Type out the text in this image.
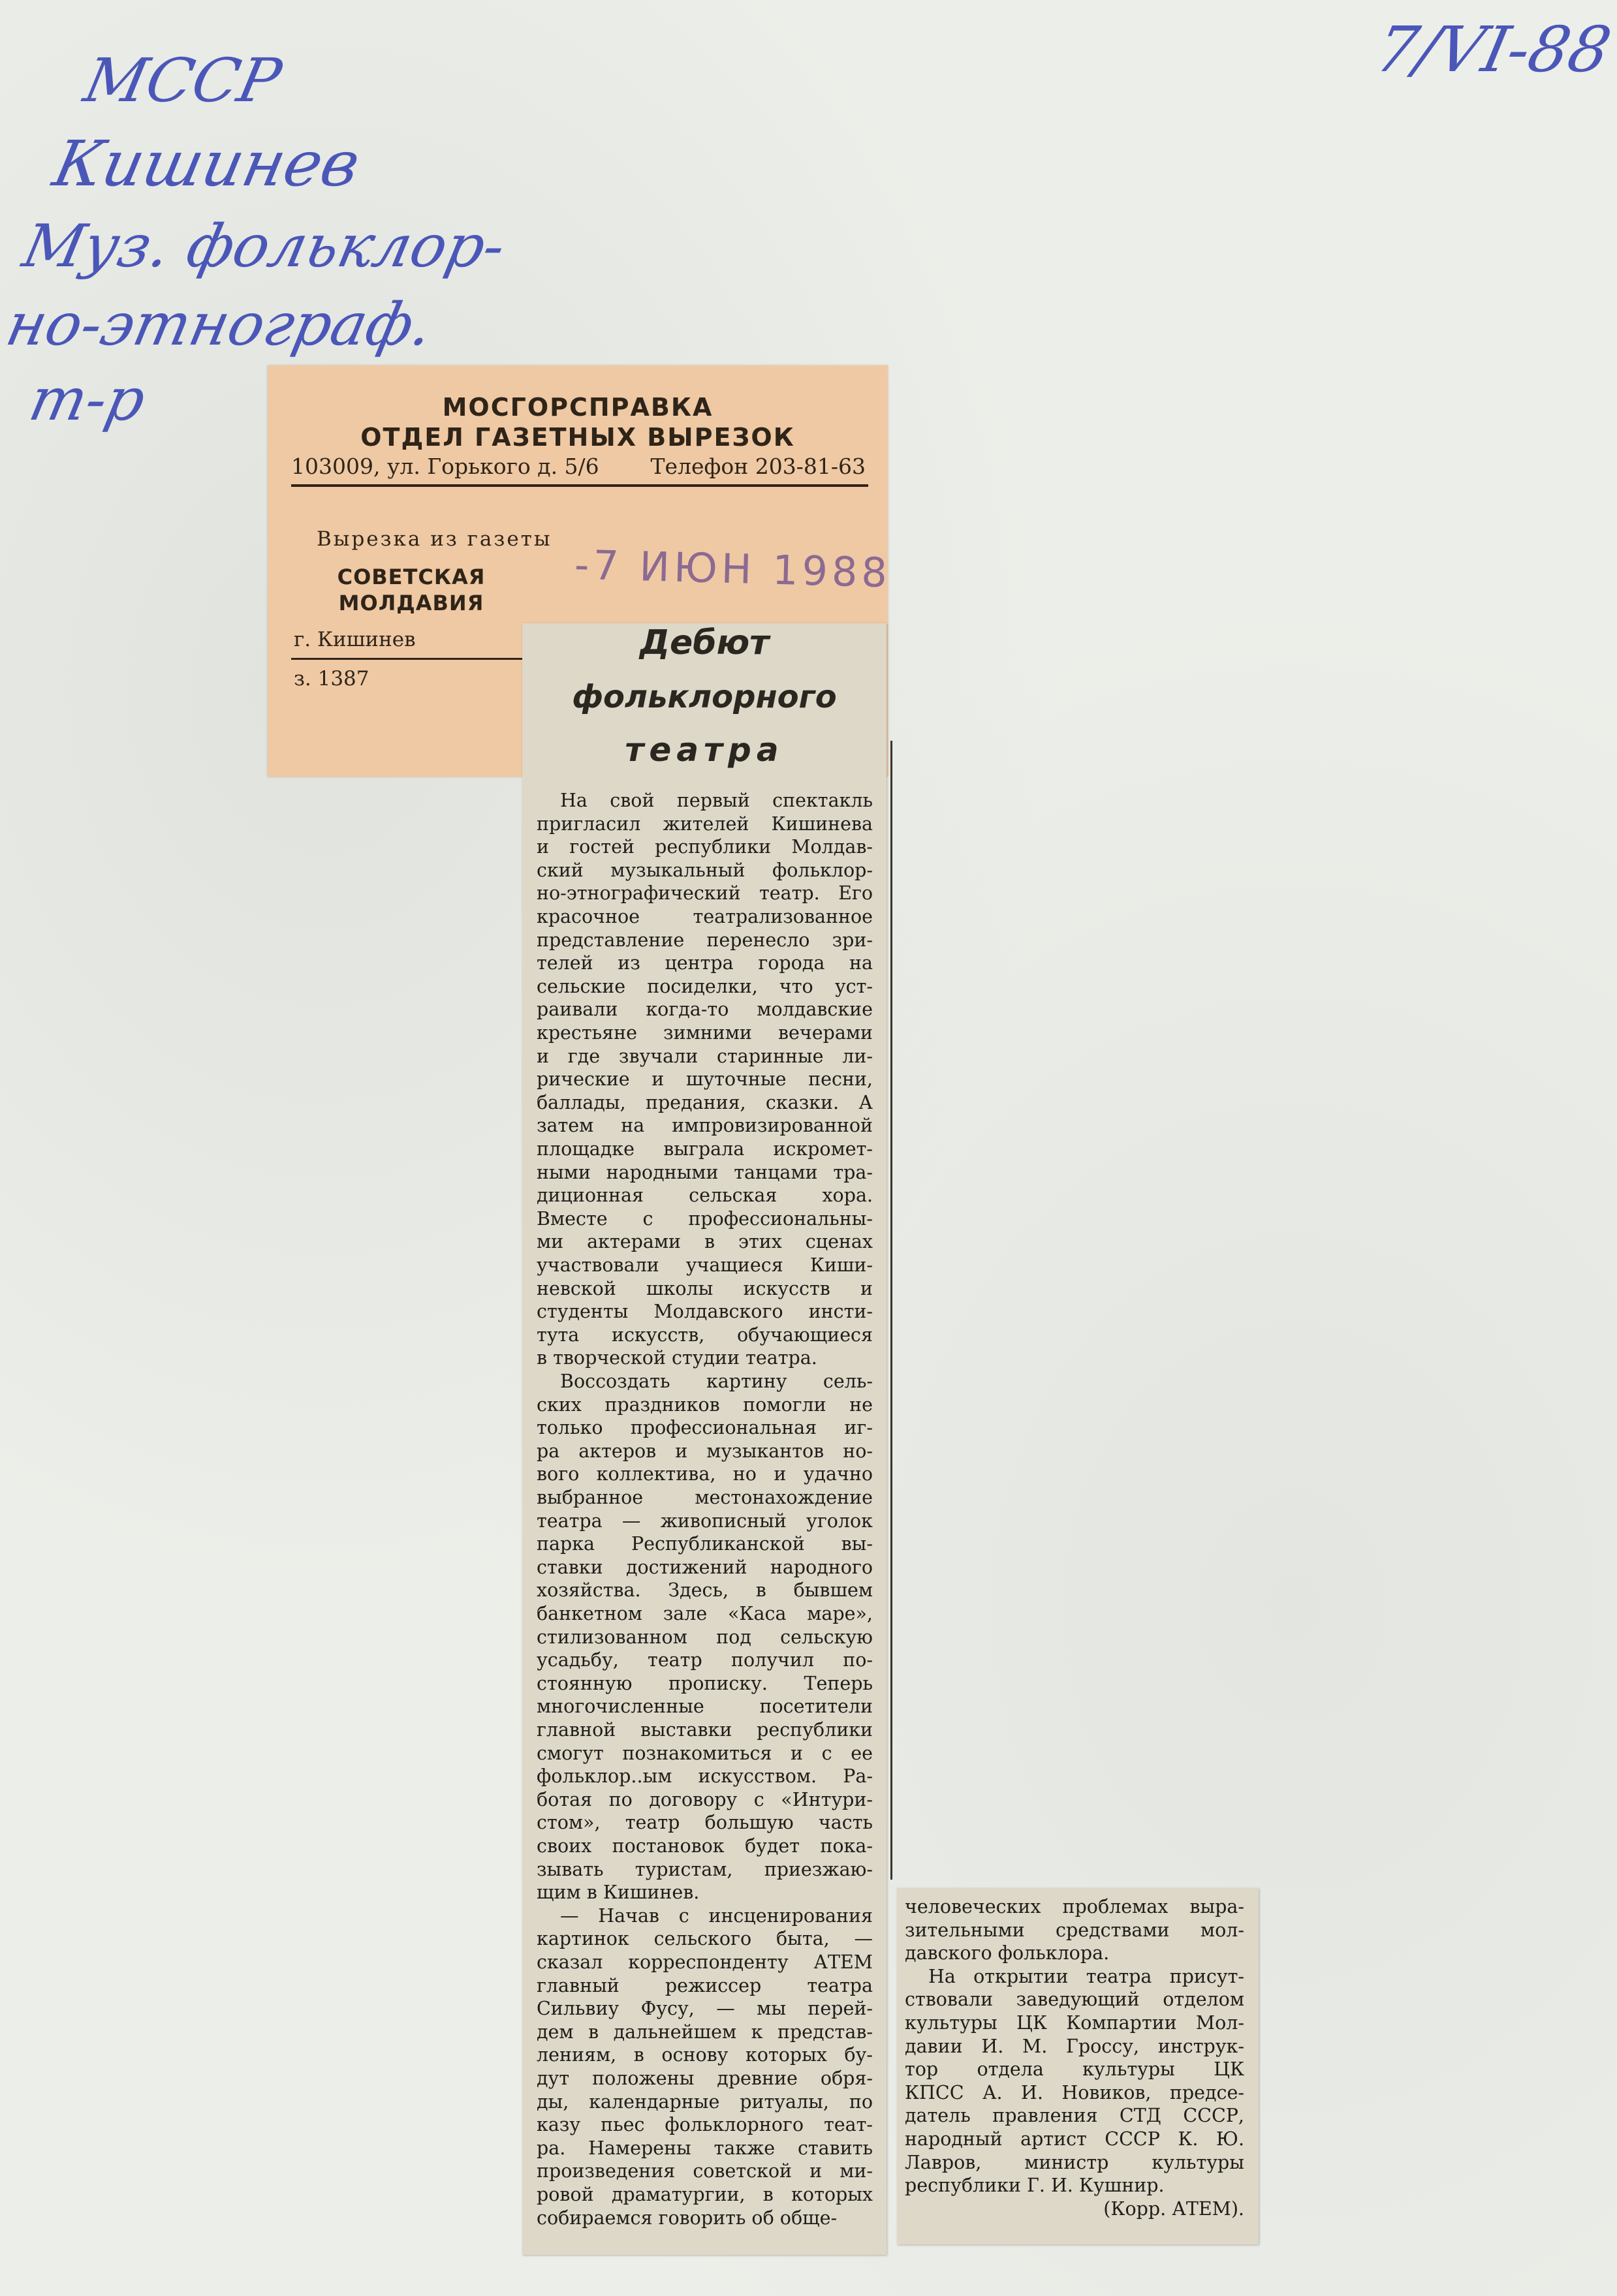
МССР
Кишинев
Муз. фольклор-
но-этнограф.
т-р
7/VI-88
МОСГОРСПРАВКА
ОТДЕЛ ГАЗЕТНЫХ ВЫРЕЗОК
103009, ул. Горького д. 5/6 Телефон 203-81-63
Вырезка из газеты
СОВЕТСКАЯ
МОЛДАВИЯ
г. Кишинев
з. 1387
-7 ИЮН 1988
Дебют
фольклорного
театра
На свой первый спектакль
пригласил жителей Кишинева
и гостей республики Молдав-
ский музыкальный фольклор-
но-этнографический театр. Его
красочное театрализованное
представление перенесло зри-
телей из центра города на
сельские посиделки, что уст-
раивали когда-то молдавские
крестьяне зимними вечерами
и где звучали старинные ли-
рические и шуточные песни,
баллады, предания, сказки. А
затем на импровизированной
площадке выграла искромет-
ными народными танцами тра-
диционная сельская хора.
Вместе с профессиональны-
ми актерами в этих сценах
участвовали учащиеся Киши-
невской школы искусств и
студенты Молдавского инсти-
тута искусств, обучающиеся
в творческой студии театра.
Воссоздать картину сель-
ских праздников помогли не
только профессиональная иг-
ра актеров и музыкантов но-
вого коллектива, но и удачно
выбранное местонахождение
театра — живописный уголок
парка Республиканской вы-
ставки достижений народного
хозяйства. Здесь, в бывшем
банкетном зале «Каса маре»,
стилизованном под сельскую
усадьбу, театр получил по-
стоянную прописку. Теперь
многочисленные посетители
главной выставки республики
смогут познакомиться и с ее
фольклор..ым искусством. Ра-
ботая по договору с «Интури-
стом», театр большую часть
своих постановок будет пока-
зывать туристам, приезжаю-
щим в Кишинев.
— Начав с инсценирования
картинок сельского быта, —
сказал корреспонденту АТЕМ
главный режиссер театра
Сильвиу Фусу, — мы перей-
дем в дальнейшем к представ-
лениям, в основу которых бу-
дут положены древние обря-
ды, календарные ритуалы, по
казу пьес фольклорного теат-
ра. Намерены также ставить
произведения советской и ми-
ровой драматургии, в которых
собираемся говорить об обще-
человеческих проблемах выра-
зительными средствами мол-
давского фольклора.
На открытии театра присут-
ствовали заведующий отделом
культуры ЦК Компартии Мол-
давии И. М. Гроссу, инструк-
тор отдела культуры ЦК
КПСС А. И. Новиков, предсе-
датель правления СТД СССР,
народный артист СССР К. Ю.
Лавров, министр культуры
республики Г. И. Кушнир.
(Корр. АТЕМ).
